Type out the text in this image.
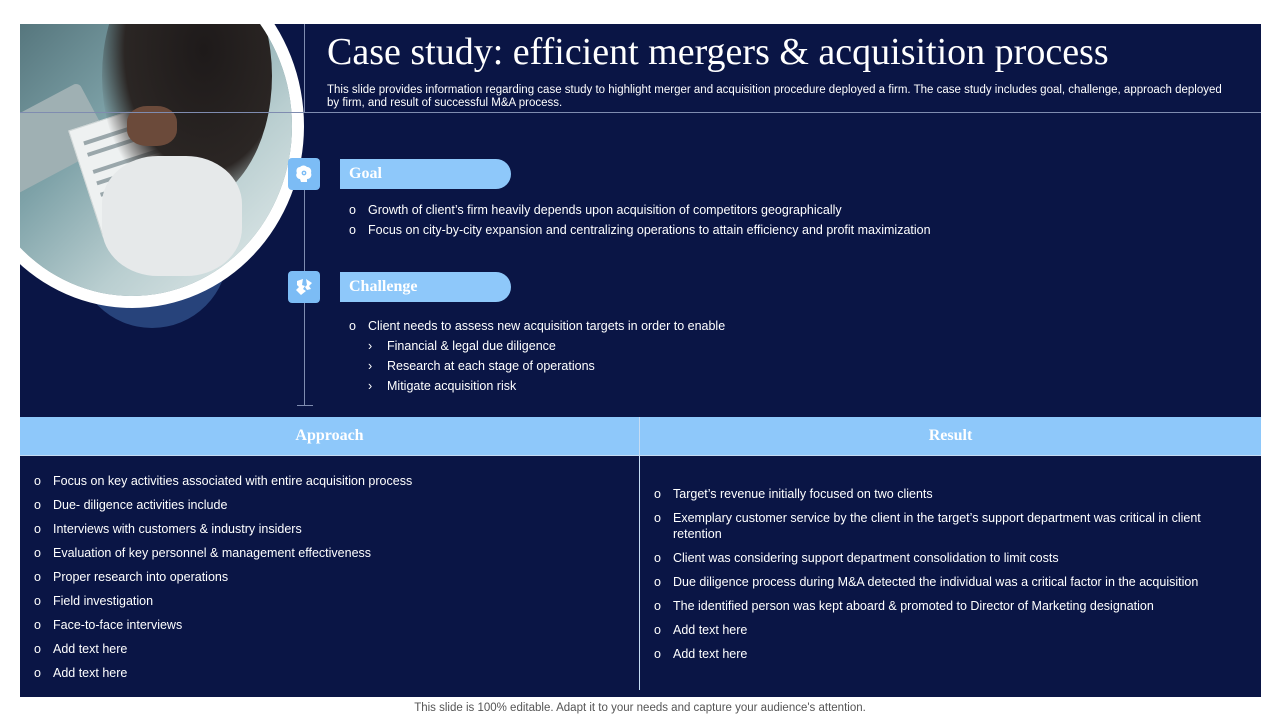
Case study: efficient mergers & acquisition process

This slide provides information regarding case study to highlight merger and acquisition procedure deployed a firm. The case study includes goal, challenge, approach deployed by firm, and result of successful M&A process.

Goal
o Growth of client’s firm heavily depends upon acquisition of competitors geographically
o Focus on city-by-city expansion and centralizing operations to attain efficiency and profit maximization
Challenge
o Client needs to assess new acquisition targets in order to enable
› Financial & legal due diligence
› Research at each stage of operations
› Mitigate acquisition risk
Approach	Result
o Focus on key activities associated with entire acquisition process
o Due- diligence activities include
o Interviews with customers & industry insiders
o Evaluation of key personnel & management effectiveness
o Proper research into operations
o Field investigation
o Face-to-face interviews
o Add text here
o Add text here
o Target’s revenue initially focused on two clients
o Exemplary customer service by the client in the target’s support department was critical in client retention
o Client was considering support department consolidation to limit costs
o Due diligence process during M&A detected the individual was a critical factor in the acquisition
o The identified person was kept aboard & promoted to Director of Marketing designation
o Add text here
o Add text here
This slide is 100% editable. Adapt it to your needs and capture your audience's attention.
